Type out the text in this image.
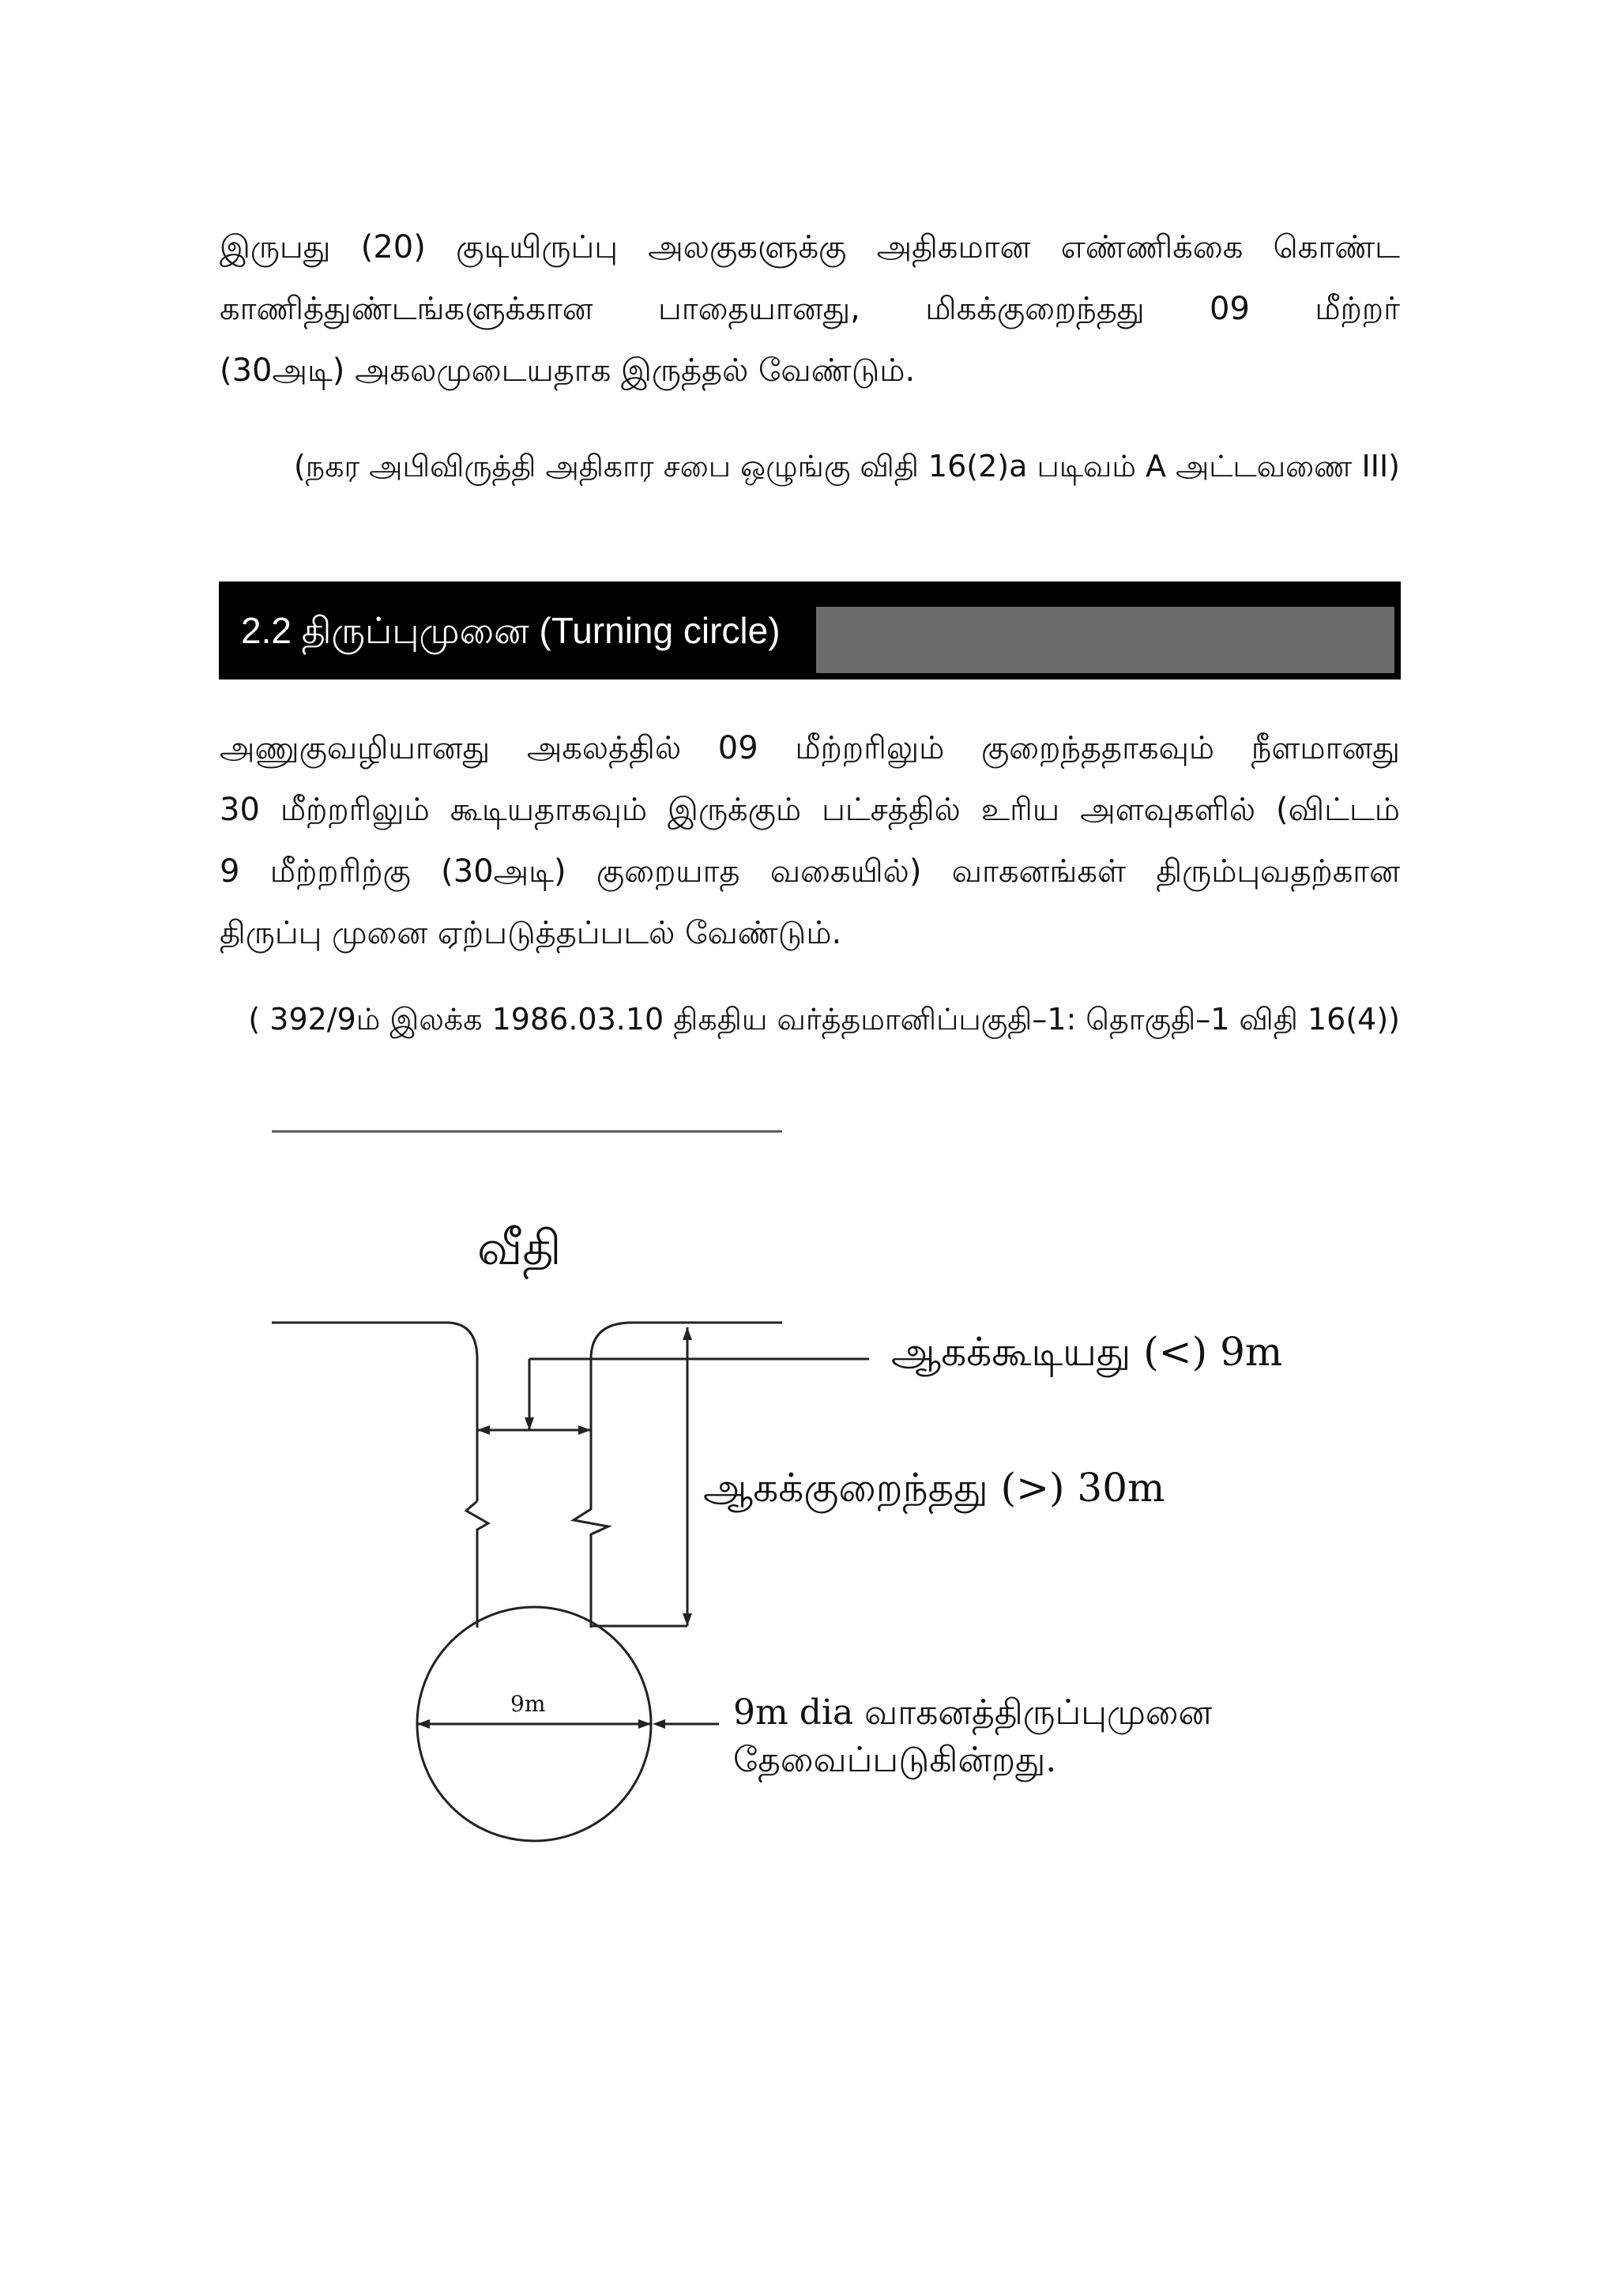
இருபது (20) குடியிருப்பு அலகுகளுக்கு அதிகமான எண்ணிக்கை கொண்ட
காணித்துண்டங்களுக்கான பாதையானது, மிகக்குறைந்தது 09 மீற்றர்
(30அடி) அகலமுடையதாக இருத்தல் வேண்டும்.
(நகர அபிவிருத்தி அதிகார சபை ஒழுங்கு விதி 16(2)a படிவம் A அட்டவணை III)
2.2 திருப்புமுனை (Turning circle)
அணுகுவழியானது அகலத்தில் 09 மீற்றரிலும் குறைந்ததாகவும் நீளமானது
30 மீற்றரிலும் கூடியதாகவும் இருக்கும் பட்சத்தில் உரிய அளவுகளில் (விட்டம்
9 மீற்றரிற்கு (30அடி) குறையாத வகையில்) வாகனங்கள் திரும்புவதற்கான
திருப்பு முனை ஏற்படுத்தப்படல் வேண்டும்.
( 392/9ம் இலக்க 1986.03.10 திகதிய வர்த்தமானிப்பகுதி–1: தொகுதி–1 விதி 16(4))
வீதி
ஆகக்கூடியது (<) 9m
ஆகக்குறைந்தது (>) 30m
9m	9m dia வாகனத்திருப்புமுனை
தேவைப்படுகின்றது.
